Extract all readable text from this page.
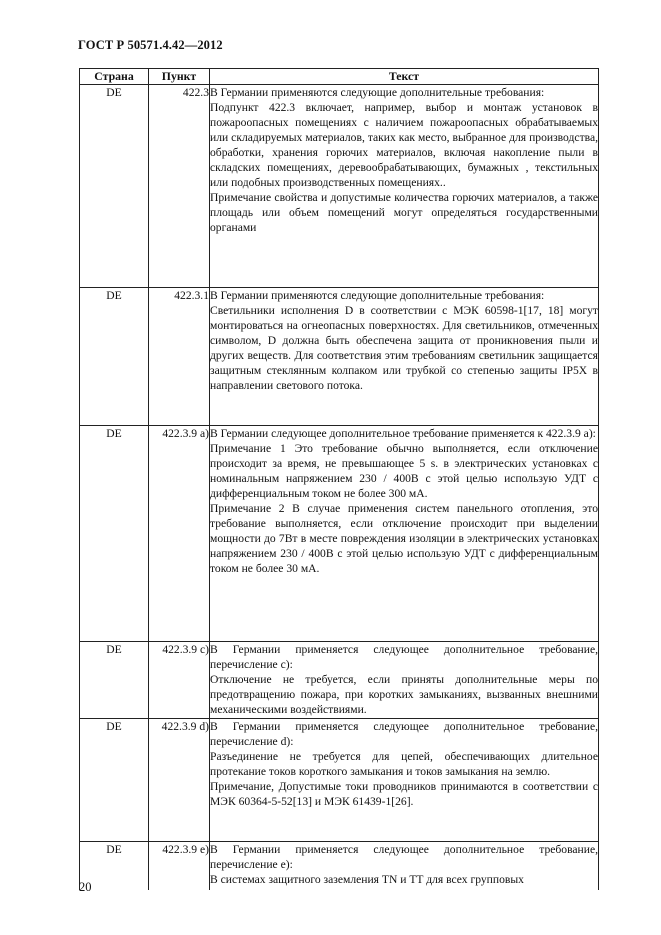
ГОСТ Р 50571.4.42—2012
Страна	Пункт	Текст
DE	422.3	В Германии применяются следующие дополнительные требования:
Подпункт 422.3 включает, например, выбор и монтаж установок в пожароопасных помещениях с наличием пожароопасных обрабатываемых или складируемых материалов, таких как место, выбранное для производства, обработки, хранения горючих материалов, включая накопление пыли в складских помещениях, деревообрабатывающих, бумажных , текстильных или подобных производственных помещениях..
Примечание свойства и допустимые количества горючих материалов, а также площадь или объем помещений могут определяться государственными органами

DE	422.3.1	В Германии применяются следующие дополнительные требования:
Светильники исполнения D в соответствии с МЭК 60598-1[17, 18] могут монтироваться на огнеопасных поверхностях. Для светильников, отмеченных символом, D должна быть обеспечена защита от проникновения пыли и других веществ. Для соответствия этим требованиям светильник защищается защитным стеклянным колпаком или трубкой со степенью защиты IP5X в направлении светового потока.

DE	422.3.9 a)	В Германии следующее дополнительное требование применяется к 422.3.9 а):
Примечание 1 Это требование обычно выполняется, если отключение происходит за время, не превышающее 5 s. в электрических установках с номинальным напряжением 230 / 400В с этой целью использую УДТ с дифференциальным током не более 300 мА.
Примечание 2 В случае применения систем панельного отопления, это требование выполняется, если отключение происходит при выделении мощности до 7Вт в месте повреждения изоляции в электрических установках напряжением 230 / 400В с этой целью использую УДТ с дифференциальным током не более 30 мА.

DE	422.3.9 c)	В Германии применяется следующее дополнительное требование, перечисление с):
Отключение не требуется, если приняты дополнительные меры по предотвращению пожара, при коротких замыканиях, вызванных внешними механическими воздействиями.

DE	422.3.9 d)	В Германии применяется следующее дополнительное требование, перечисление d):
Разъединение не требуется для цепей, обеспечивающих длительное протекание токов короткого замыкания и токов замыкания на землю.
Примечание, Допустимые токи проводников принимаются в соответствии с МЭК 60364-5-52[13] и МЭК 61439-1[26].

DE	422.3.9 e)	В Германии применяется следующее дополнительное требование, перечисление е):
В системах защитного заземления TN и TT для всех групповых
20
